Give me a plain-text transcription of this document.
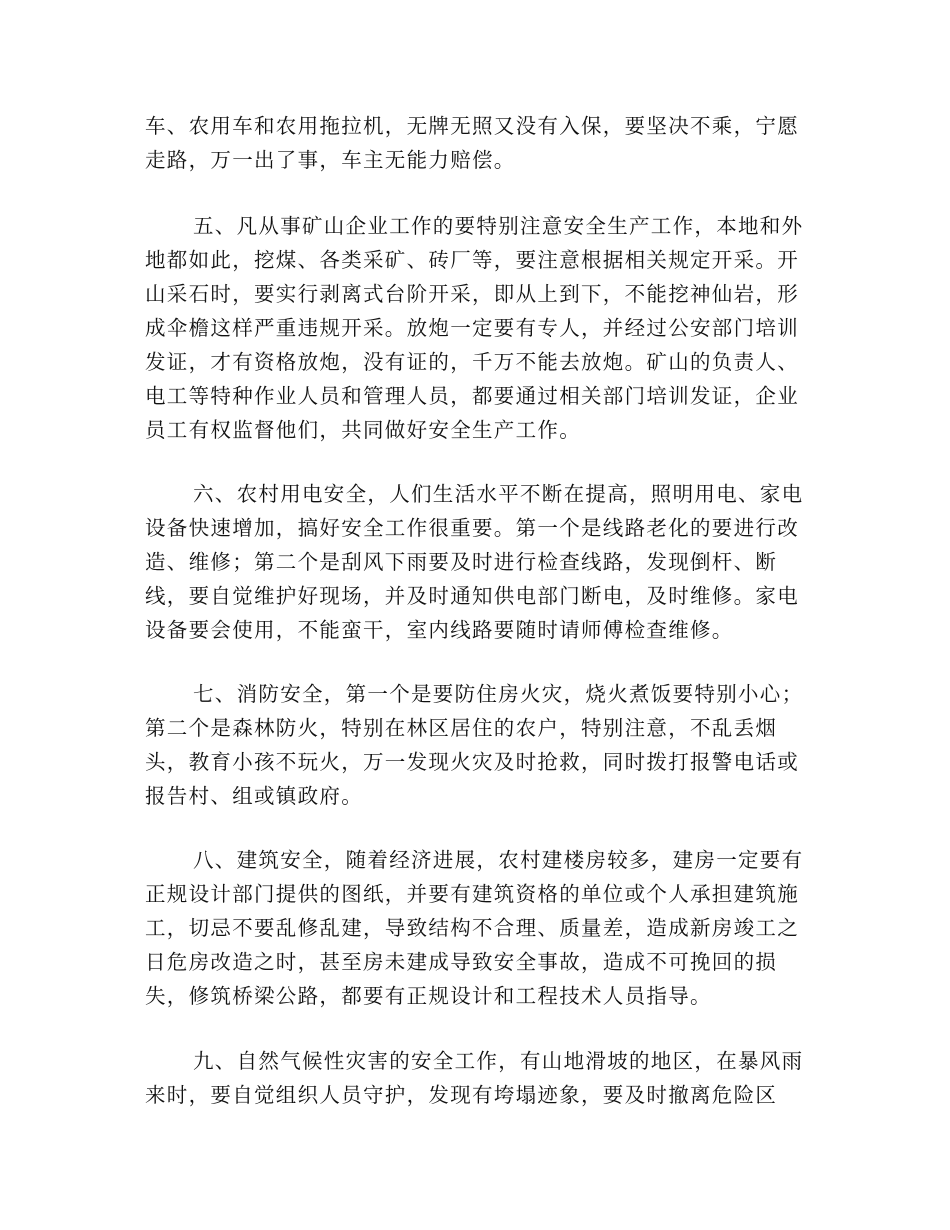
车、农用车和农用拖拉机，无牌无照又没有入保，要坚决不乘，宁愿
走路，万一出了事，车主无能力赔偿。
五、凡从事矿山企业工作的要特别注意安全生产工作，本地和外
地都如此，挖煤、各类采矿、砖厂等，要注意根据相关规定开采。开
山采石时，要实行剥离式台阶开采，即从上到下，不能挖神仙岩，形
成伞檐这样严重违规开采。放炮一定要有专人，并经过公安部门培训
发证，才有资格放炮，没有证的，千万不能去放炮。矿山的负责人、
电工等特种作业人员和管理人员，都要通过相关部门培训发证，企业
员工有权监督他们，共同做好安全生产工作。
六、农村用电安全，人们生活水平不断在提高，照明用电、家电
设备快速增加，搞好安全工作很重要。第一个是线路老化的要进行改
造、维修；第二个是刮风下雨要及时进行检查线路，发现倒杆、断
线，要自觉维护好现场，并及时通知供电部门断电，及时维修。家电
设备要会使用，不能蛮干，室内线路要随时请师傅检查维修。
七、消防安全，第一个是要防住房火灾，烧火煮饭要特别小心；
第二个是森林防火，特别在林区居住的农户，特别注意，不乱丢烟
头，教育小孩不玩火，万一发现火灾及时抢救，同时拨打报警电话或
报告村、组或镇政府。
八、建筑安全，随着经济进展，农村建楼房较多，建房一定要有
正规设计部门提供的图纸，并要有建筑资格的单位或个人承担建筑施
工，切忌不要乱修乱建，导致结构不合理、质量差，造成新房竣工之
日危房改造之时，甚至房未建成导致安全事故，造成不可挽回的损
失，修筑桥梁公路，都要有正规设计和工程技术人员指导。
九、自然气候性灾害的安全工作，有山地滑坡的地区，在暴风雨
来时，要自觉组织人员守护，发现有垮塌迹象，要及时撤离危险区
